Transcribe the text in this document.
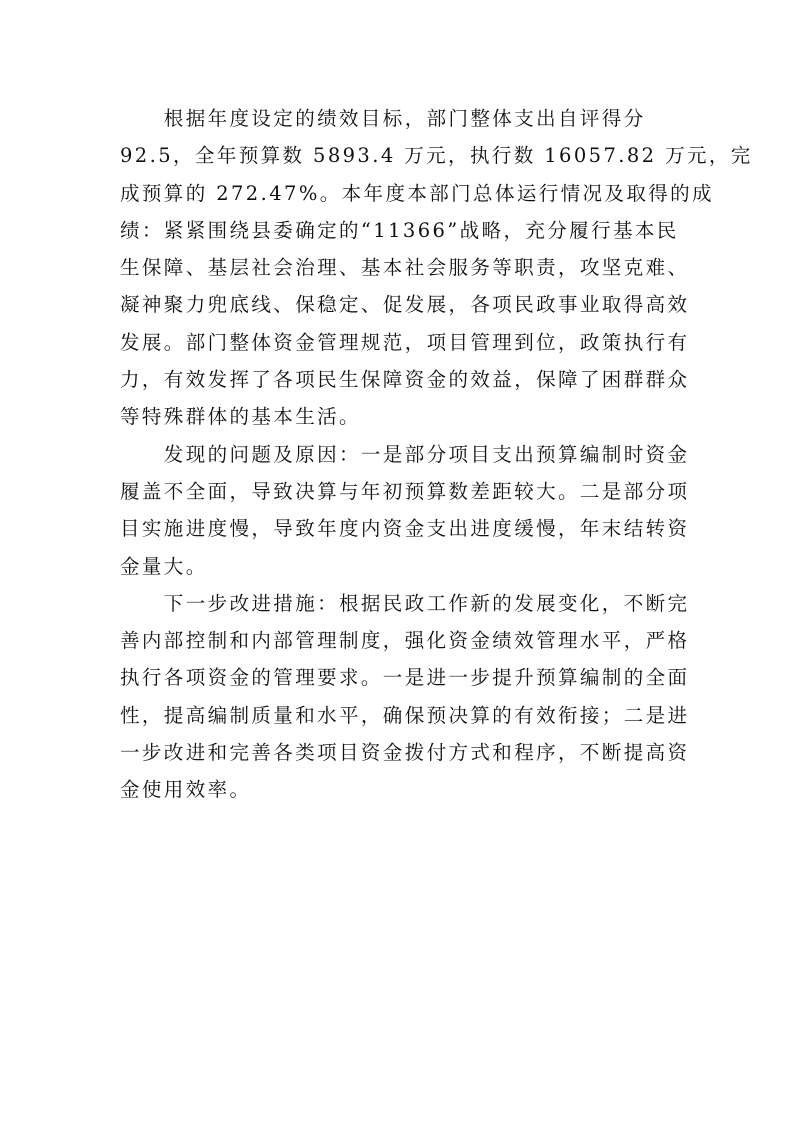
　　根据年度设定的绩效目标，部门整体支出自评得分
92.5，全年预算数 5893.4 万元，执行数 16057.82 万元，完
成预算的 272.47%。本年度本部门总体运行情况及取得的成
绩：紧紧围绕县委确定的“11366”战略，充分履行基本民
生保障、基层社会治理、基本社会服务等职责，攻坚克难、
凝神聚力兜底线、保稳定、促发展，各项民政事业取得高效
发展。部门整体资金管理规范，项目管理到位，政策执行有
力，有效发挥了各项民生保障资金的效益，保障了困群群众
等特殊群体的基本生活。
　　发现的问题及原因：一是部分项目支出预算编制时资金
履盖不全面，导致决算与年初预算数差距较大。二是部分项
目实施进度慢，导致年度内资金支出进度缓慢，年末结转资
金量大。
　　下一步改进措施：根据民政工作新的发展变化，不断完
善内部控制和内部管理制度，强化资金绩效管理水平，严格
执行各项资金的管理要求。一是进一步提升预算编制的全面
性，提高编制质量和水平，确保预决算的有效衔接；二是进
一步改进和完善各类项目资金拨付方式和程序，不断提高资
金使用效率。
